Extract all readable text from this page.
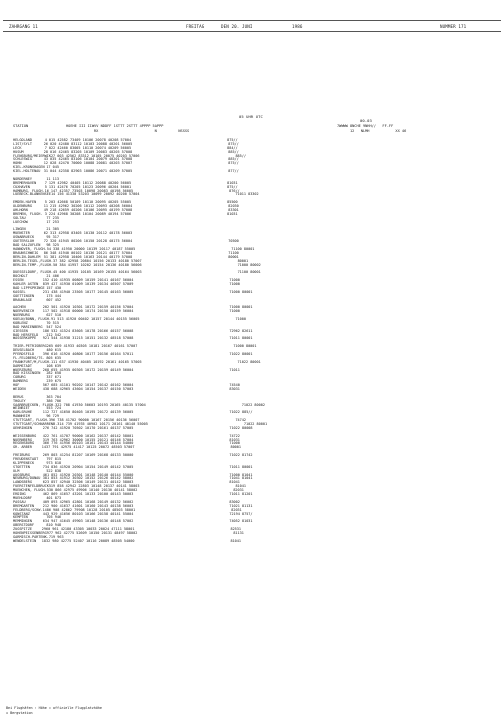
ZAHRGANG 11	FREITAG	DEN 20. JUNI	1986	NUMMER 171
05 UHR UTC
00-03
STATION	HOEHE III IIWVV NDDFF 1STTT 2STTT 4PPPP 5APPP
RX                          N          NSSSS
7WWWW 8NCHE 9NHH//   FF-FF
12   NLMH            XX 46
HELGOLAND	4 015 42582 73409 10106 20078 40208 57004	875//
LIST/SYLT	26 020 42480 83112 10103 20088 40201 56005	875//
LECK	7 022 42460 83005 10110 20074 40209 56005	884//
HUSUM	28 016 42465 83205 10109 20083 40205 57008	885//
FLENSBURG/MEIERWIK 27 003 42562 83312 10105 20075 40203 57006	885//
SCHLESWIG	43 035 42465 83106 10104 20079 40201 57008	885//
HOHN	12 028 42470 70000 10088 20081 40203 57007	875//
KIEL-KRONSHAGEN 17 045
KIEL-HOLTENAU 31 044 42358 82903 10086 20071 40209 57005	877//
NORDERNEY	11 113
BREMERHAVEN	7 129 42982 40405 10112 20088 40200 56005	81031
CUXHAVEN	5 131 42476 70205 10123 20096 40204 56001	875//
HAMBURG, FLUGH. 16 147 42357 73503 10098 20083 40198 56005	876//
LUEBECK-BLANKENSEE 14 156 41330 53203 10099 20092 40200 57004	71011 83302
EMDEN-HAFEN	5 203 42668 50109 10110 20095 40205 55005	85500
OLDENBURG	11 215 42962 30206 10112 20093 40208 56004	82030
AHLHORN	49 218 42659 40206 10106 20095 40199 57008	83301
BREMEN, FLUGH. 3 224 42968 30208 10104 20089 40194 57006	81031
SOLTAU	77 235
LUECHOW	17 253
LINGEN	21 305
MUENSTER	62 313 42958 03405 10130 20112 40178 56003
OSNABRUECK	95 317
GUETERSLOH	72 320 41945 00206 10150 20128 40175 56004	70500
BAD SALZUFLEN	98 325
HANNOVER, FLUGH. 54 338 41950 20000 10139 20117 40187 55005	71100 80001
BRAUNSCHWEIG	86 348 41940 00102 10136 20121 40177 57004	71100
BERLIN-DAHLEM 51 381 42958 10406 10163 20144 40179 57008	80001
BERLIN-TEGEL,FLUGH. 37 382 42958 20804 10156 20133 40180 57007	80001
BERLIN-TEMP.,FLUGH. 50 384 41957 10202 10154 20136 40180 56006	71000 80002
DUESSELDORF, FLUGH. 45 400 41935 10105 10169 20155 40164 56003	71100 80001
BOCHOLT	21 406
ESSEN	152 410 41935 00809 10159 20141 40167 56004	71000
KAHLER ASTEN	839 427 41930 01009 10139 20134 46507 57009	71000
BAD LIPPSPRINGE 157 430
KASSEL	231 438 41940 23505 10177 20145 40163 56005	71000 80001
GOETTINGEN	175 444
BRAUNLAGE	607 452
AACHEN	202 501 41920 10301 10172 20159 40156 57004	71000 80001
NOERVENICH	117 502 41918 00000 10174 20150 40159 56004	71000
NUERBURG	627 510
KOELN/BONN, FLUGH. 91 513 41920 00402 10157 20144 40155 56005	71000
KOBLENZ	70 515
BAD MARIENBERG	547 524
GIESSEN	186 532 41524 83605 10178 20166 40157 56008	72962 82611
BAD HERSFELD	212 542
WASSERKUPPE	921 544 41938 31215 10151 20132 48518 57008	71011 80001
TRIER-PETRISBERG 265 609 41933 40305 10181 20167 40161 57007	71000 80001
DEUSELBACH	480 615
PFERDSFELD	396 616 41920 40806 10177 20156 40164 57011	71022 80001
FL.FELDBERG/TS. 805 635
FRANKFURT/M,FLUGH. 111 637 41930 40405 10192 20161 40165 57005	71022 80001
DARMSTADT	108 639
WUERZBURG	268 655 41935 00305 10172 20159 40149 56004	71011
BAD KISSINGEN	282 658
COBURG	337 671
BAMBERG	239 675
HOF	567 685 41101 90202 10147 20142 40162 56004	74540
WEIDEN	438 688 42965 43604 10154 20137 40150 57003	83031
BERUS	363 704
THOLEY	386 706
SAARBRUECKEN, FLUGH. 322 708 41930 50603 10193 20165 40135 57004	71022 80002
WEINBIET	553 724
KARLSRUHE	112 727 41650 80405 10195 20172 40139 56005	71022 885//
MANNHEIM	96 729
STUTTGART, FLUGH. 396 738 41702 90000 10167 20156 40136 56007	74742
STUTTGART/SCHNARRENB. 314 739 41935 40902 10171 20161 40140 55005	71022 80001
OEHRINGEN	276 742 41920 70502 10170 20161 40137 57005	71022 80008
WEISSENBURG	422 761 41707 90000 10162 20137 40142 58001	74722
NUERNBERG	319 763 42962 30000 10155 20121 40146 57004	81031
REGENSBURG	366 776 41956 00103 10161 20143 40144 54000	71000
GR. ARBER	1437 791 42975 41417 10125 20072 48503 57007	80001
FREIBURG	269 803 41254 81207 10169 20168 40133 50000	71022 81742
FREUDENSTADT	797 815
KLIPPENECK	973 818
STOETTEN	734 836 41920 20904 10154 20149 40142 57005	71011 80001
ULM	522 838
AUGSBURG	461 852 41920 20301 10148 20140 40144 55000	71000 81041
NEUBURG/DONAU 381 853 41912 30302 10152 20126 40142 58002	71041 81041
LANDSBERG	623 857 42940 32506 10149 20131 40142 58003	81041
FUERSTENFELDBRUCK 519 858 42942 22803 10148 20137 40141 58003	81041
MUENCHEN, FLUGH. 530 866 42975 49906 10140 20130 40141 58002	82031
ERDING	462 869 41657 43201 10133 20100 40143 50003	71011 81201
MUEHLDORF	401 873
PASSAU	409 893 42965 42801 10168 20149 40132 56002	83002
BREMGARTEN	212 900 41637 41601 10160 20143 40138 56003	71021 81131
FELDBERG/SCHW. 1486 908 42862 79908 10128 20105 48503 58001	82031
KONSTANZ	443 929 41656 80103 10166 20158 40141 55004	72194 8757/
KEMPTEN	705 946
MEMMINGEN	634 947 41645 49903 10148 20136 40148 57002	74052 81031
OBERSTDORF	810 948
ZUGSPITZE	2960 961 42180 43305 10033 20024 47111 58001	82531
HOHENPEISSENBERG 977 962 42775 52609 10150 20131 48497 58002	81131
GARMISCH-PARTENK. 719 963
WENDELSTEIN	1832 980 42775 52407 10116 20089 48505 54000	81041
Bei Flughäfen : Höhe = offizielle Flugplatzhöhe
❊ Bergstation
